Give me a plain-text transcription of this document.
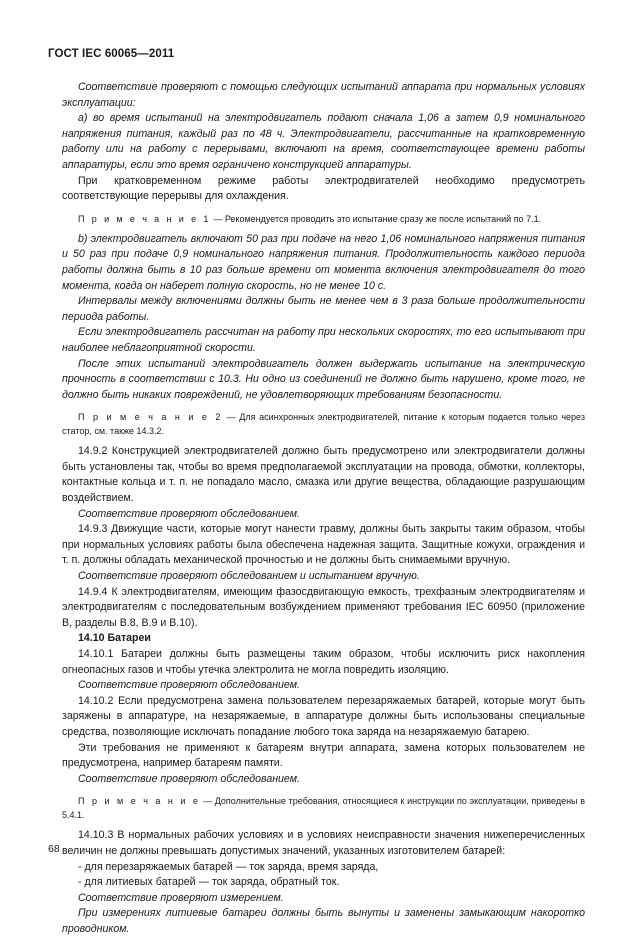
ГОСТ IEC 60065—2011

Соответствие проверяют с помощью следующих испытаний аппарата при нормальных условиях эксплуатации:

а) во время испытаний на электродвигатель подают сначала 1,06 а затем 0,9 номинального напряжения питания, каждый раз по 48 ч. Электродвигатели, рассчитанные на кратковременную работу или на работу с перерывами, включают на время, соответствующее времени работы аппаратуры, если это время ограничено конструкцией аппаратуры.

При кратковременном режиме работы электродвигателей необходимо предусмотреть соответствующие перерывы для охлаждения.

П р и м е ч а н и е 1 — Рекомендуется проводить это испытание сразу же после испытаний по 7.1.

b) электродвигатель включают 50 раз при подаче на него 1,06 номинального напряжения питания и 50 раз при подаче 0,9 номинального напряжения питания. Продолжительность каждого периода работы должна быть в 10 раз больше времени от момента включения электродвигателя до того момента, когда он наберет полную скорость, но не менее 10 с.

Интервалы между включениями должны быть не менее чем в 3 раза больше продолжительности периода работы.

Если электродвигатель рассчитан на работу при нескольких скоростях, то его испытывают при наиболее неблагоприятной скорости.

После этих испытаний электродвигатель должен выдержать испытание на электрическую прочность в соответствии с 10.3. Ни одно из соединений не должно быть нарушено, кроме того, не должно быть никаких повреждений, не удовлетворяющих требованиям безопасности.

П р и м е ч а н и е 2 — Для асинхронных электродвигателей, питание к которым подается только через статор, см. также 14.3.2.

14.9.2 Конструкцией электродвигателей должно быть предусмотрено или электродвигатели должны быть установлены так, чтобы во время предполагаемой эксплуатации на провода, обмотки, коллекторы, контактные кольца и т. п. не попадало масло, смазка или другие вещества, обладающие разрушающим воздействием.

Соответствие проверяют обследованием.

14.9.3 Движущие части, которые могут нанести травму, должны быть закрыты таким образом, чтобы при нормальных условиях работы была обеспечена надежная защита. Защитные кожухи, ограждения и т. п. должны обладать механической прочностью и не должны быть снимаемыми вручную.

Соответствие проверяют обследованием и испытанием вручную.

14.9.4 К электродвигателям, имеющим фазосдвигающую емкость, трехфазным электродвигателям и электродвигателям с последовательным возбуждением применяют требования IEC 60950 (приложение В, разделы В.8, В.9 и В.10).

14.10 Батареи

14.10.1 Батареи должны быть размещены таким образом, чтобы исключить риск накопления огнеопасных газов и чтобы утечка электролита не могла повредить изоляцию.

Соответствие проверяют обследованием.

14.10.2 Если предусмотрена замена пользователем перезаряжаемых батарей, которые могут быть заряжены в аппаратуре, на незаряжаемые, в аппаратуре должны быть использованы специальные средства, позволяющие исключать попадание любого тока заряда на незаряжаемую батарею.

Эти требования не применяют к батареям внутри аппарата, замена которых пользователем не предусмотрена, например батареям памяти.

Соответствие проверяют обследованием.

П р и м е ч а н и е — Дополнительные требования, относящиеся к инструкции по эксплуатации, приведены в 5.4.1.

14.10.3 В нормальных рабочих условиях и в условиях неисправности значения нижеперечисленных величин не должны превышать допустимых значений, указанных изготовителем батарей:

- для перезаряжаемых батарей — ток заряда, время заряда,

- для литиевых батарей — ток заряда, обратный ток.

Соответствие проверяют измерением.

При измерениях литиевые батареи должны быть вынуты и заменены замыкающим накоротко проводником.

68
